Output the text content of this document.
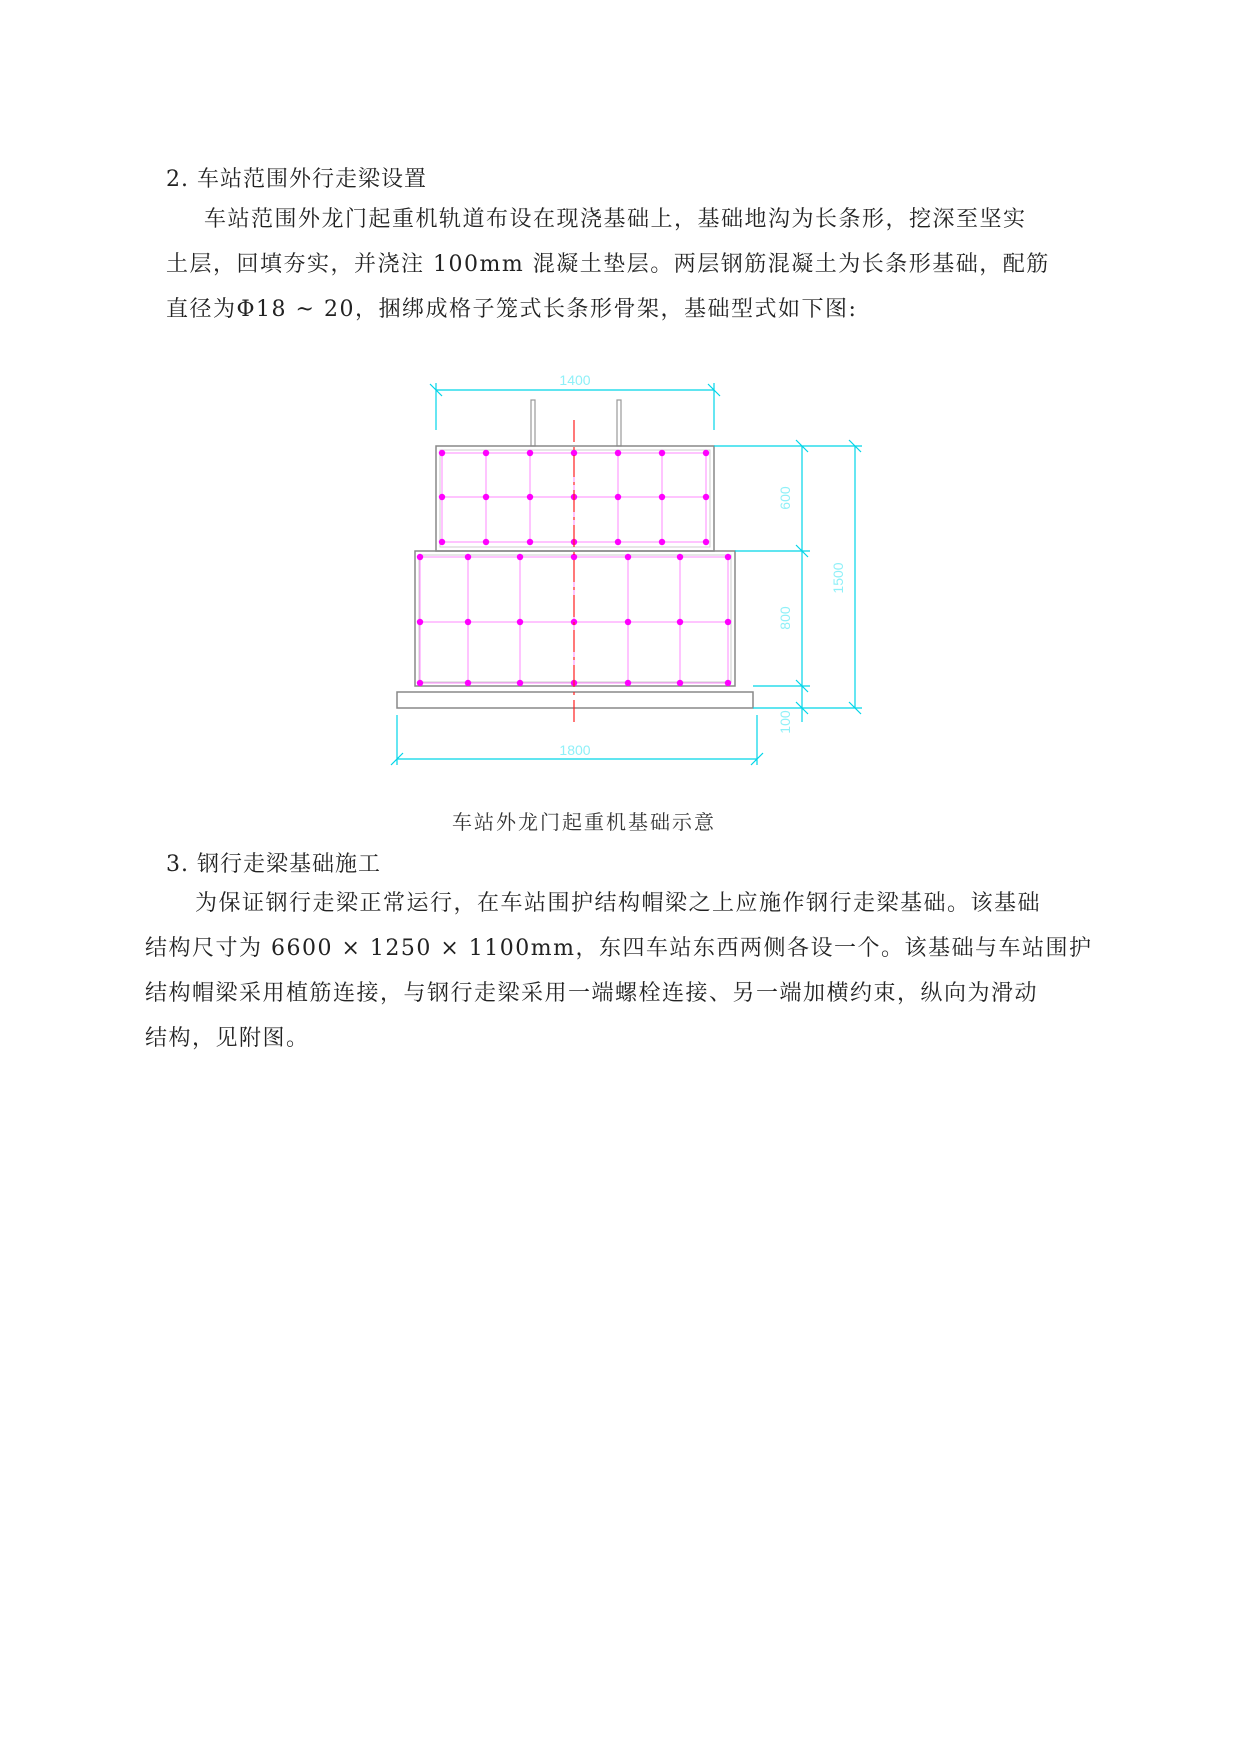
2. 车站范围外行走梁设置
车站范围外龙门起重机轨道布设在现浇基础上，基础地沟为长条形，挖深至坚实
土层，回填夯实，并浇注 100mm 混凝土垫层。两层钢筋混凝土为长条形基础，配筋
直径为Φ18 ~ 20，捆绑成格子笼式长条形骨架，基础型式如下图:
1400
1800
600
800
100
1500
车站外龙门起重机基础示意
3. 钢行走梁基础施工
为保证钢行走梁正常运行，在车站围护结构帽梁之上应施作钢行走梁基础。该基础
结构尺寸为 6600 × 1250 × 1100mm，东四车站东西两侧各设一个。该基础与车站围护
结构帽梁采用植筋连接，与钢行走梁采用一端螺栓连接、另一端加横约束，纵向为滑动
结构，见附图。
